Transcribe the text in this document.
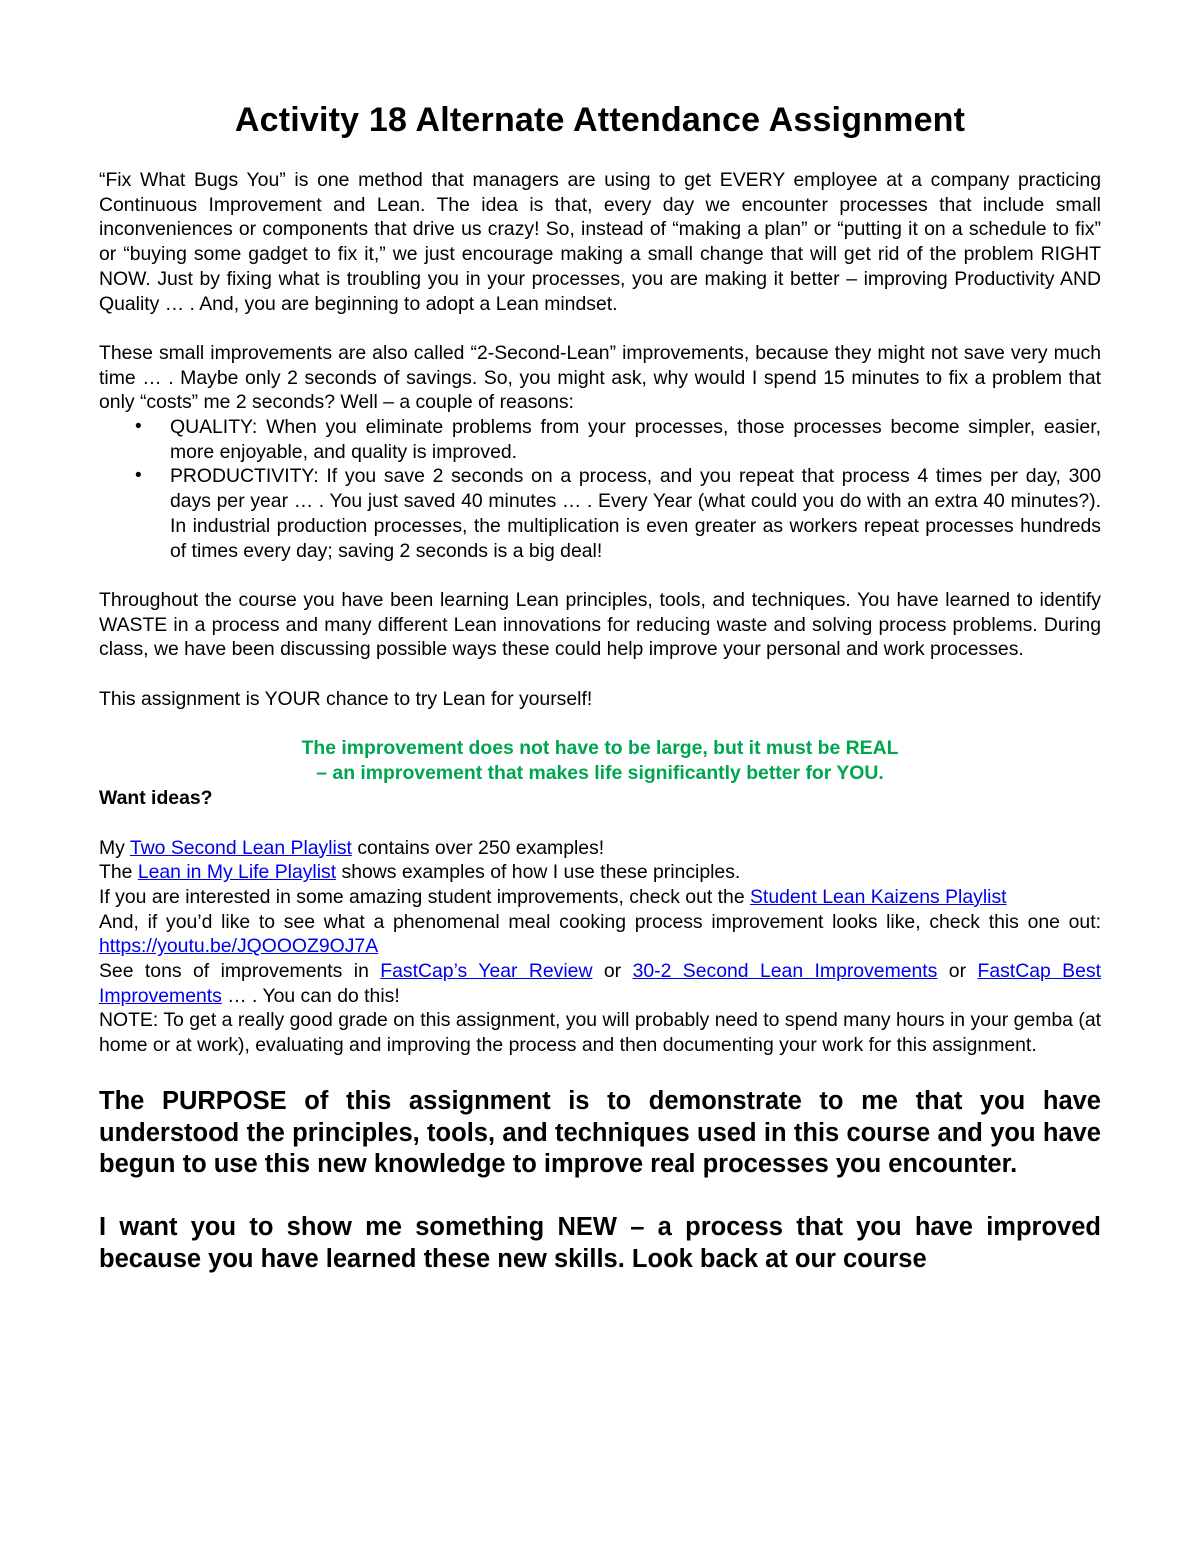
Activity 18 Alternate Attendance Assignment

“Fix What Bugs You” is one method that managers are using to get EVERY employee at a company practicing Continuous Improvement and Lean. The idea is that, every day we encounter processes that include small inconveniences or components that drive us crazy! So, instead of “making a plan” or “putting it on a schedule to fix” or “buying some gadget to fix it,” we just encourage making a small change that will get rid of the problem RIGHT NOW. Just by fixing what is troubling you in your processes, you are making it better – improving Productivity AND Quality … . And, you are beginning to adopt a Lean mindset.

These small improvements are also called “2-Second-Lean” improvements, because they might not save very much time … . Maybe only 2 seconds of savings. So, you might ask, why would I spend 15 minutes to fix a problem that only “costs” me 2 seconds? Well – a couple of reasons:

• QUALITY: When you eliminate problems from your processes, those processes become simpler, easier, more enjoyable, and quality is improved.
• PRODUCTIVITY: If you save 2 seconds on a process, and you repeat that process 4 times per day, 300 days per year … . You just saved 40 minutes … . Every Year (what could you do with an extra 40 minutes?). In industrial production processes, the multiplication is even greater as workers repeat processes hundreds of times every day; saving 2 seconds is a big deal!

Throughout the course you have been learning Lean principles, tools, and techniques. You have learned to identify WASTE in a process and many different Lean innovations for reducing waste and solving process problems. During class, we have been discussing possible ways these could help improve your personal and work processes.

This assignment is YOUR chance to try Lean for yourself!

The improvement does not have to be large, but it must be REAL

– an improvement that makes life significantly better for YOU.

Want ideas?

My Two Second Lean Playlist contains over 250 examples!

The Lean in My Life Playlist shows examples of how I use these principles.

If you are interested in some amazing student improvements, check out the Student Lean Kaizens Playlist

And, if you’d like to see what a phenomenal meal cooking process improvement looks like, check this one out: https://youtu.be/JQOOOZ9OJ7A

See tons of improvements in FastCap’s Year Review or 30-2 Second Lean Improvements or FastCap Best Improvements … . You can do this!

NOTE: To get a really good grade on this assignment, you will probably need to spend many hours in your gemba (at home or at work), evaluating and improving the process and then documenting your work for this assignment.

The PURPOSE of this assignment is to demonstrate to me that you have understood the principles, tools, and techniques used in this course and you have begun to use this new knowledge to improve real processes you encounter.

I want you to show me something NEW – a process that you have improved because you have learned these new skills. Look back at our course
